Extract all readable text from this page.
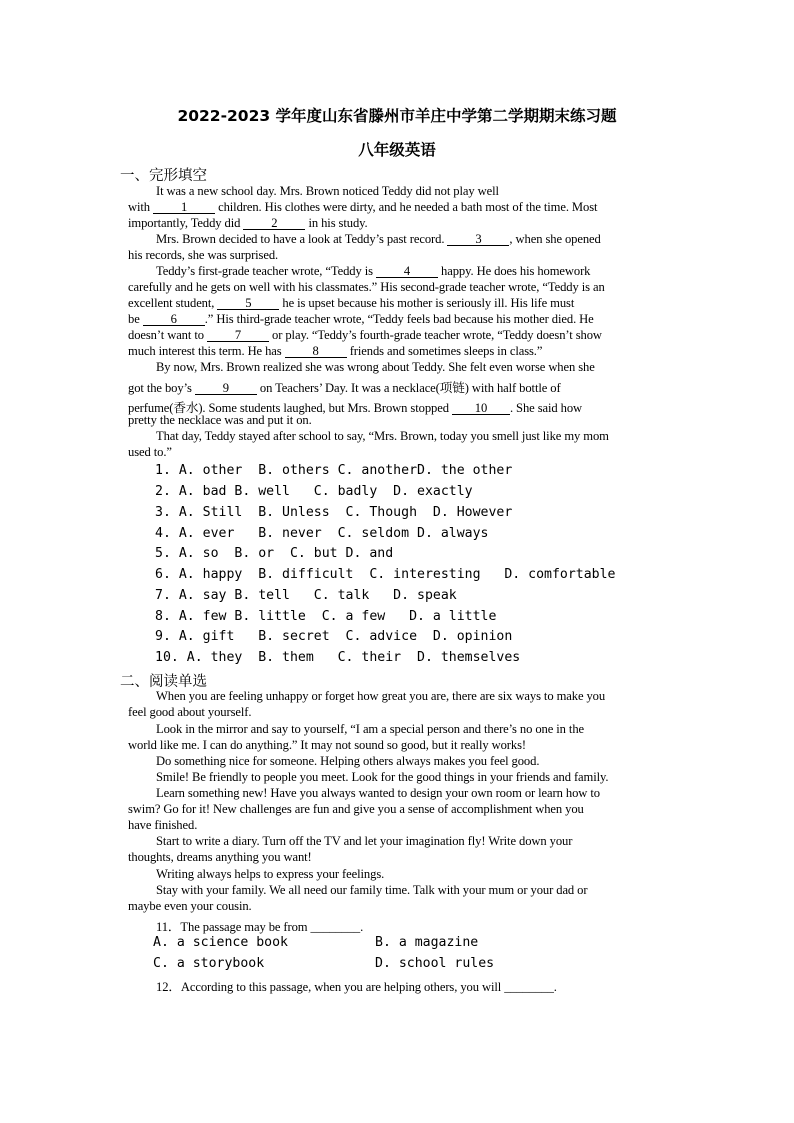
2022-2023 学年度山东省滕州市羊庄中学第二学期期末练习题
八年级英语
一、完形填空
It was a new school day. Mrs. Brown noticed Teddy did not play well
with 1 children. His clothes were dirty, and he needed a bath most of the time. Most
importantly, Teddy did 2 in his study.
Mrs. Brown decided to have a look at Teddy’s past record. 3 , when she opened
his records, she was surprised.
Teddy’s first-grade teacher wrote, “Teddy is 4 happy. He does his homework
carefully and he gets on well with his classmates.” His second-grade teacher wrote, “Teddy is an
excellent student, 5 he is upset because his mother is seriously ill. His life must
be 6 .” His third-grade teacher wrote, “Teddy feels bad because his mother died. He
doesn’t want to 7 or play. “Teddy’s fourth-grade teacher wrote, “Teddy doesn’t show
much interest this term. He has 8 friends and sometimes sleeps in class.”
By now, Mrs. Brown realized she was wrong about Teddy. She felt even worse when she
got the boy’s 9 on Teachers’ Day. It was a necklace(项链) with half bottle of
perfume(香水). Some students laughed, but Mrs. Brown stopped 10 . She said how
pretty the necklace was and put it on.
That day, Teddy stayed after school to say, “Mrs. Brown, today you smell just like my mom
used to.”
1. A. other  B. others C. anotherD. the other
2. A. bad B. well   C. badly  D. exactly
3. A. Still  B. Unless  C. Though  D. However
4. A. ever   B. never  C. seldom D. always
5. A. so  B. or  C. but D. and
6. A. happy  B. difficult  C. interesting   D. comfortable
7. A. say B. tell   C. talk   D. speak
8. A. few B. little  C. a few   D. a little
9. A. gift   B. secret  C. advice  D. opinion
10. A. they  B. them   C. their  D. themselves
二、阅读单选
When you are feeling unhappy or forget how great you are, there are six ways to make you
feel good about yourself.
Look in the mirror and say to yourself, “I am a special person and there’s no one in the
world like me. I can do anything.” It may not sound so good, but it really works!
Do something nice for someone. Helping others always makes you feel good.
Smile! Be friendly to people you meet. Look for the good things in your friends and family.
Learn something new! Have you always wanted to design your own room or learn how to
swim? Go for it! New challenges are fun and give you a sense of accomplishment when you
have finished.
Start to write a diary. Turn off the TV and let your imagination fly! Write down your
thoughts, dreams anything you want!
Writing always helps to express your feelings.
Stay with your family. We all need our family time. Talk with your mum or your dad or
maybe even your cousin.
11．The passage may be from ________.
A. a science book	B. a magazine
C. a storybook	D. school rules
12．According to this passage, when you are helping others, you will ________.
